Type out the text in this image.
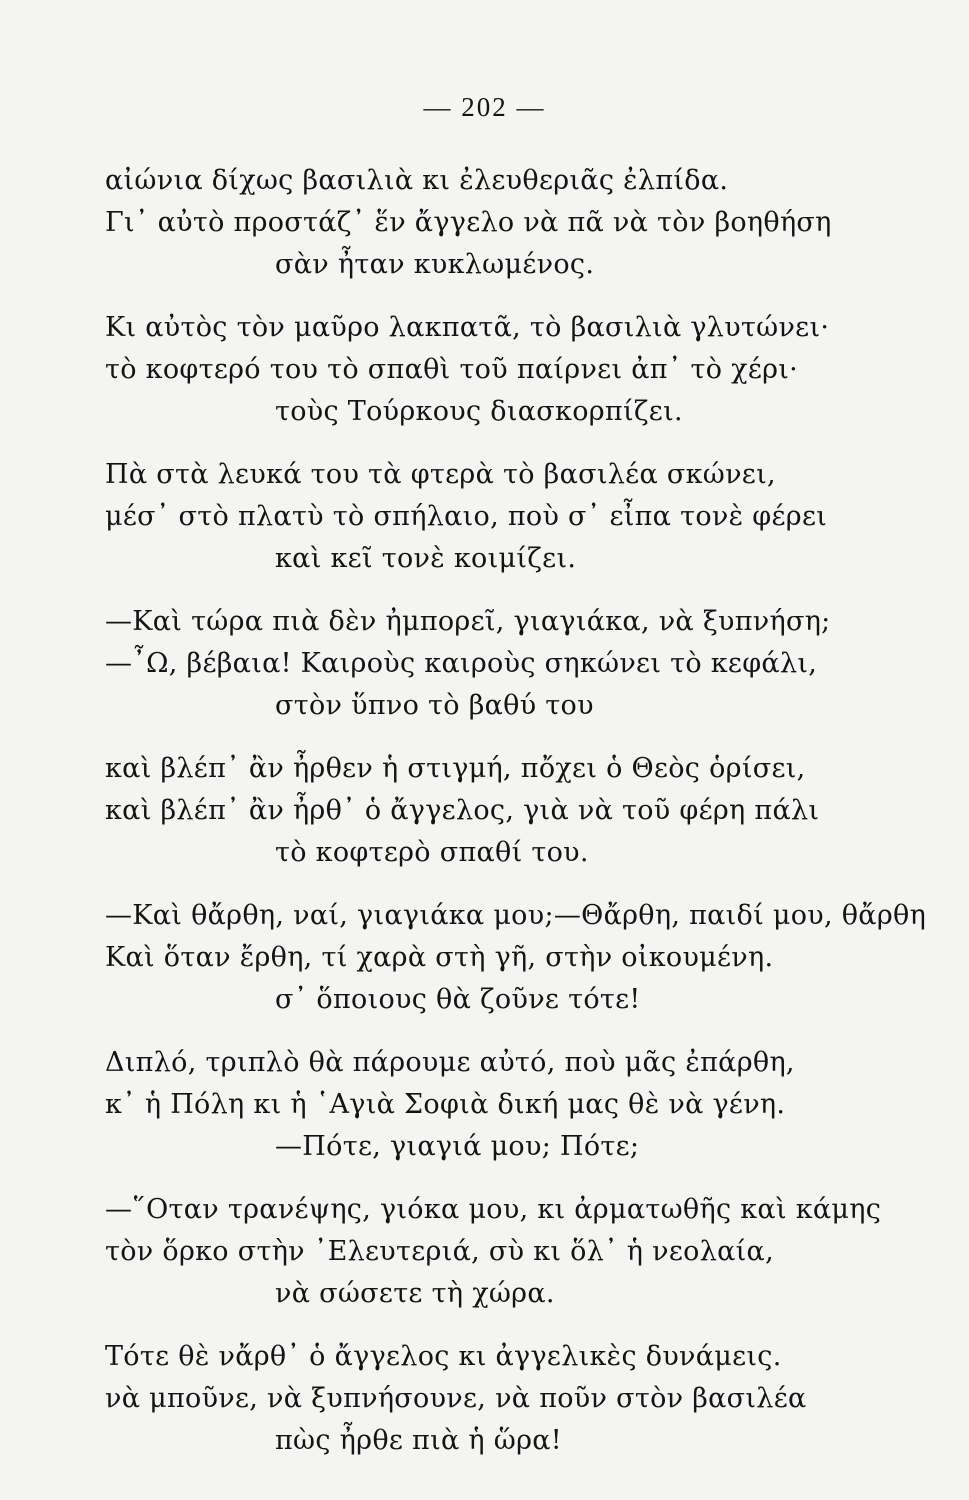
— 202 —
αἰώνια δίχως βασιλιὰ κι ἐλευθεριᾶς ἐλπίδα.
Γι᾿ αὐτὸ προστάζ᾿ ἕν ἄγγελο νὰ πᾶ νὰ τὸν βοηθήση
σὰν ἦταν κυκλωμένος.
Κι αὐτὸς τὸν μαῦρο λακπατᾶ, τὸ βασιλιὰ γλυτώνει·
τὸ κοφτερό του τὸ σπαθὶ τοῦ παίρνει ἀπ᾿ τὸ χέρι·
τοὺς Τούρκους διασκορπίζει.
Πὰ στὰ λευκά του τὰ φτερὰ τὸ βασιλέα σκώνει,
μέσ᾿ στὸ πλατὺ τὸ σπήλαιο, ποὺ σ᾿ εἶπα τονὲ φέρει
καὶ κεῖ τονὲ κοιμίζει.
—Καὶ τώρα πιὰ δὲν ἠμπορεῖ, γιαγιάκα, νὰ ξυπνήση;
—῏Ω, βέβαια! Καιροὺς καιροὺς σηκώνει τὸ κεφάλι,
στὸν ὕπνο τὸ βαθύ του
καὶ βλέπ᾿ ἂν ἦρθεν ἡ στιγμή, πὄχει ὁ Θεὸς ὁρίσει,
καὶ βλέπ᾿ ἂν ἦρθ᾿ ὁ ἄγγελος, γιὰ νὰ τοῦ φέρη πάλι
τὸ κοφτερὸ σπαθί του.
—Καὶ θἄρθη, ναί, γιαγιάκα μου;—Θἄρθη, παιδί μου, θἄρθη
Καὶ ὅταν ἔρθη, τί χαρὰ στὴ γῆ, στὴν οἰκουμένη.
σ᾿ ὅποιους θὰ ζοῦνε τότε!
Διπλό, τριπλὸ θὰ πάρουμε αὐτό, ποὺ μᾶς ἐπάρθη,
κ᾿ ἡ Πόλη κι ἡ ῾Αγιὰ Σοφιὰ δική μας θὲ νὰ γένη.
—Πότε, γιαγιά μου; Πότε;
—῞Οταν τρανέψης, γιόκα μου, κι ἀρματωθῆς καὶ κάμης
τὸν ὅρκο στὴν ᾿Ελευτεριά, σὺ κι ὅλ᾿ ἡ νεολαία,
νὰ σώσετε τὴ χώρα.
Τότε θὲ νἄρθ᾿ ὁ ἄγγελος κι ἀγγελικὲς δυνάμεις.
νὰ μποῦνε, νὰ ξυπνήσουνε, νὰ ποῦν στὸν βασιλέα
πὼς ἦρθε πιὰ ἡ ὥρα!
